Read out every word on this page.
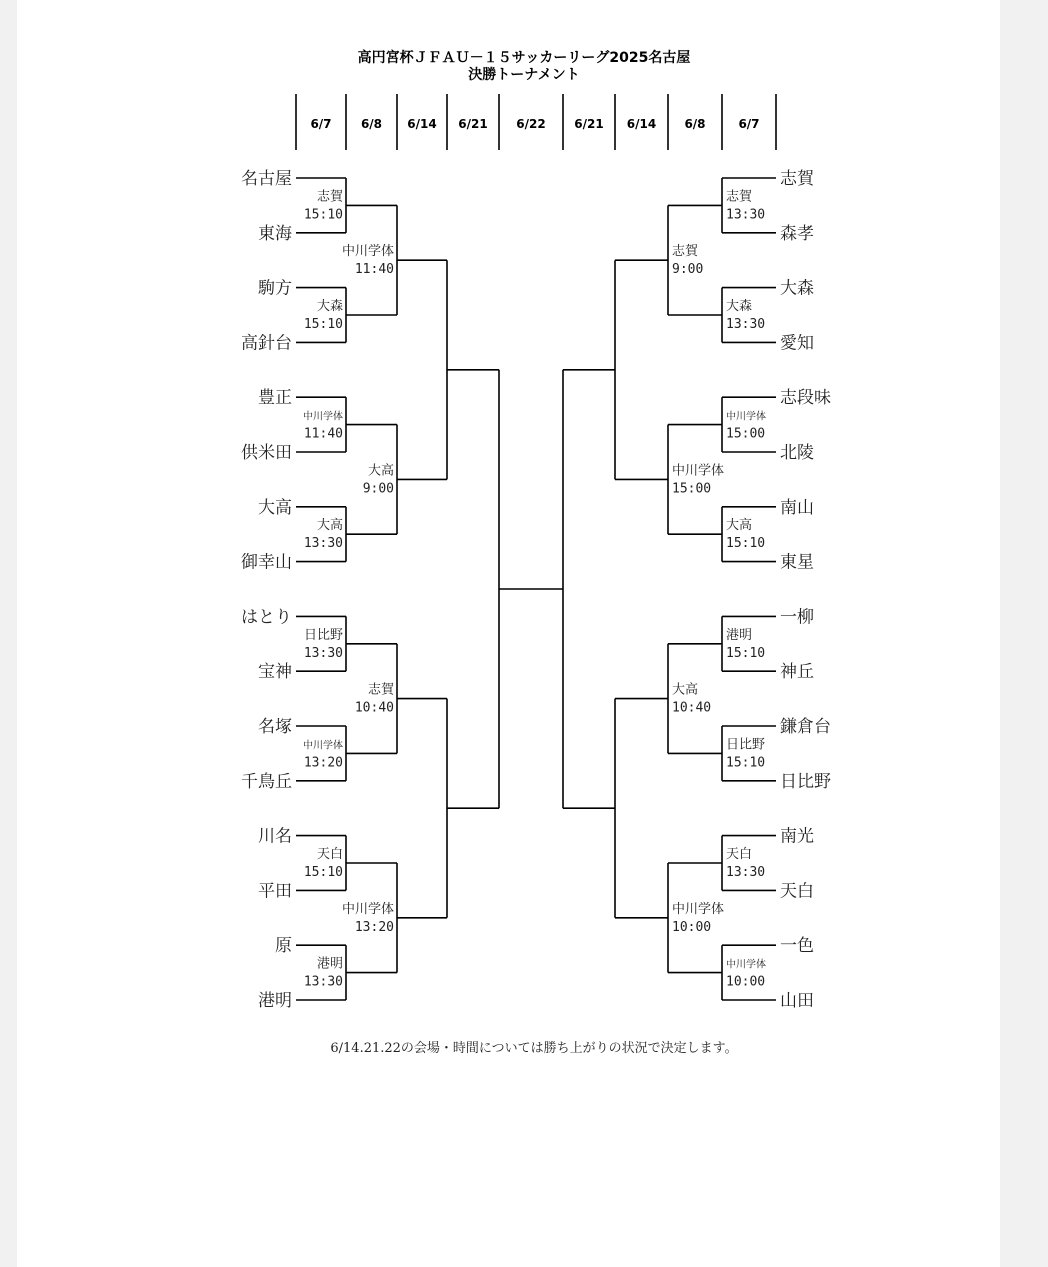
高円宮杯ＪＦＡＵ－１５サッカーリーグ2025名古屋
決勝トーナメント
6/7 6/8 6/14 6/21 6/22 6/21 6/14 6/8	6/7
名古屋
東海
駒方
高針台
豊正
供米田
大高
御幸山
はとり
宝神
名塚
千鳥丘
川名
平田
原
港明
志賀
15:10
大森
15:10
中川学体
11:40
大高
13:30
日比野
13:30
中川学体
13:20
天白
15:10
港明
13:30
中川学体
11:40
大高
9:00
志賀
10:40
中川学体
13:20
志賀
森孝
大森
愛知
志段味
北陵
南山
東星
一柳
神丘
鎌倉台
日比野
南光
天白
一色
山田
志賀
13:30
大森
13:30
中川学体
15:00
大高
15:10
港明
15:10
日比野
15:10
天白
13:30
中川学体
10:00
志賀
9:00
中川学体
15:00
大高
10:40
中川学体
10:00
6/14.21.22の会場・時間については勝ち上がりの状況で決定します。
